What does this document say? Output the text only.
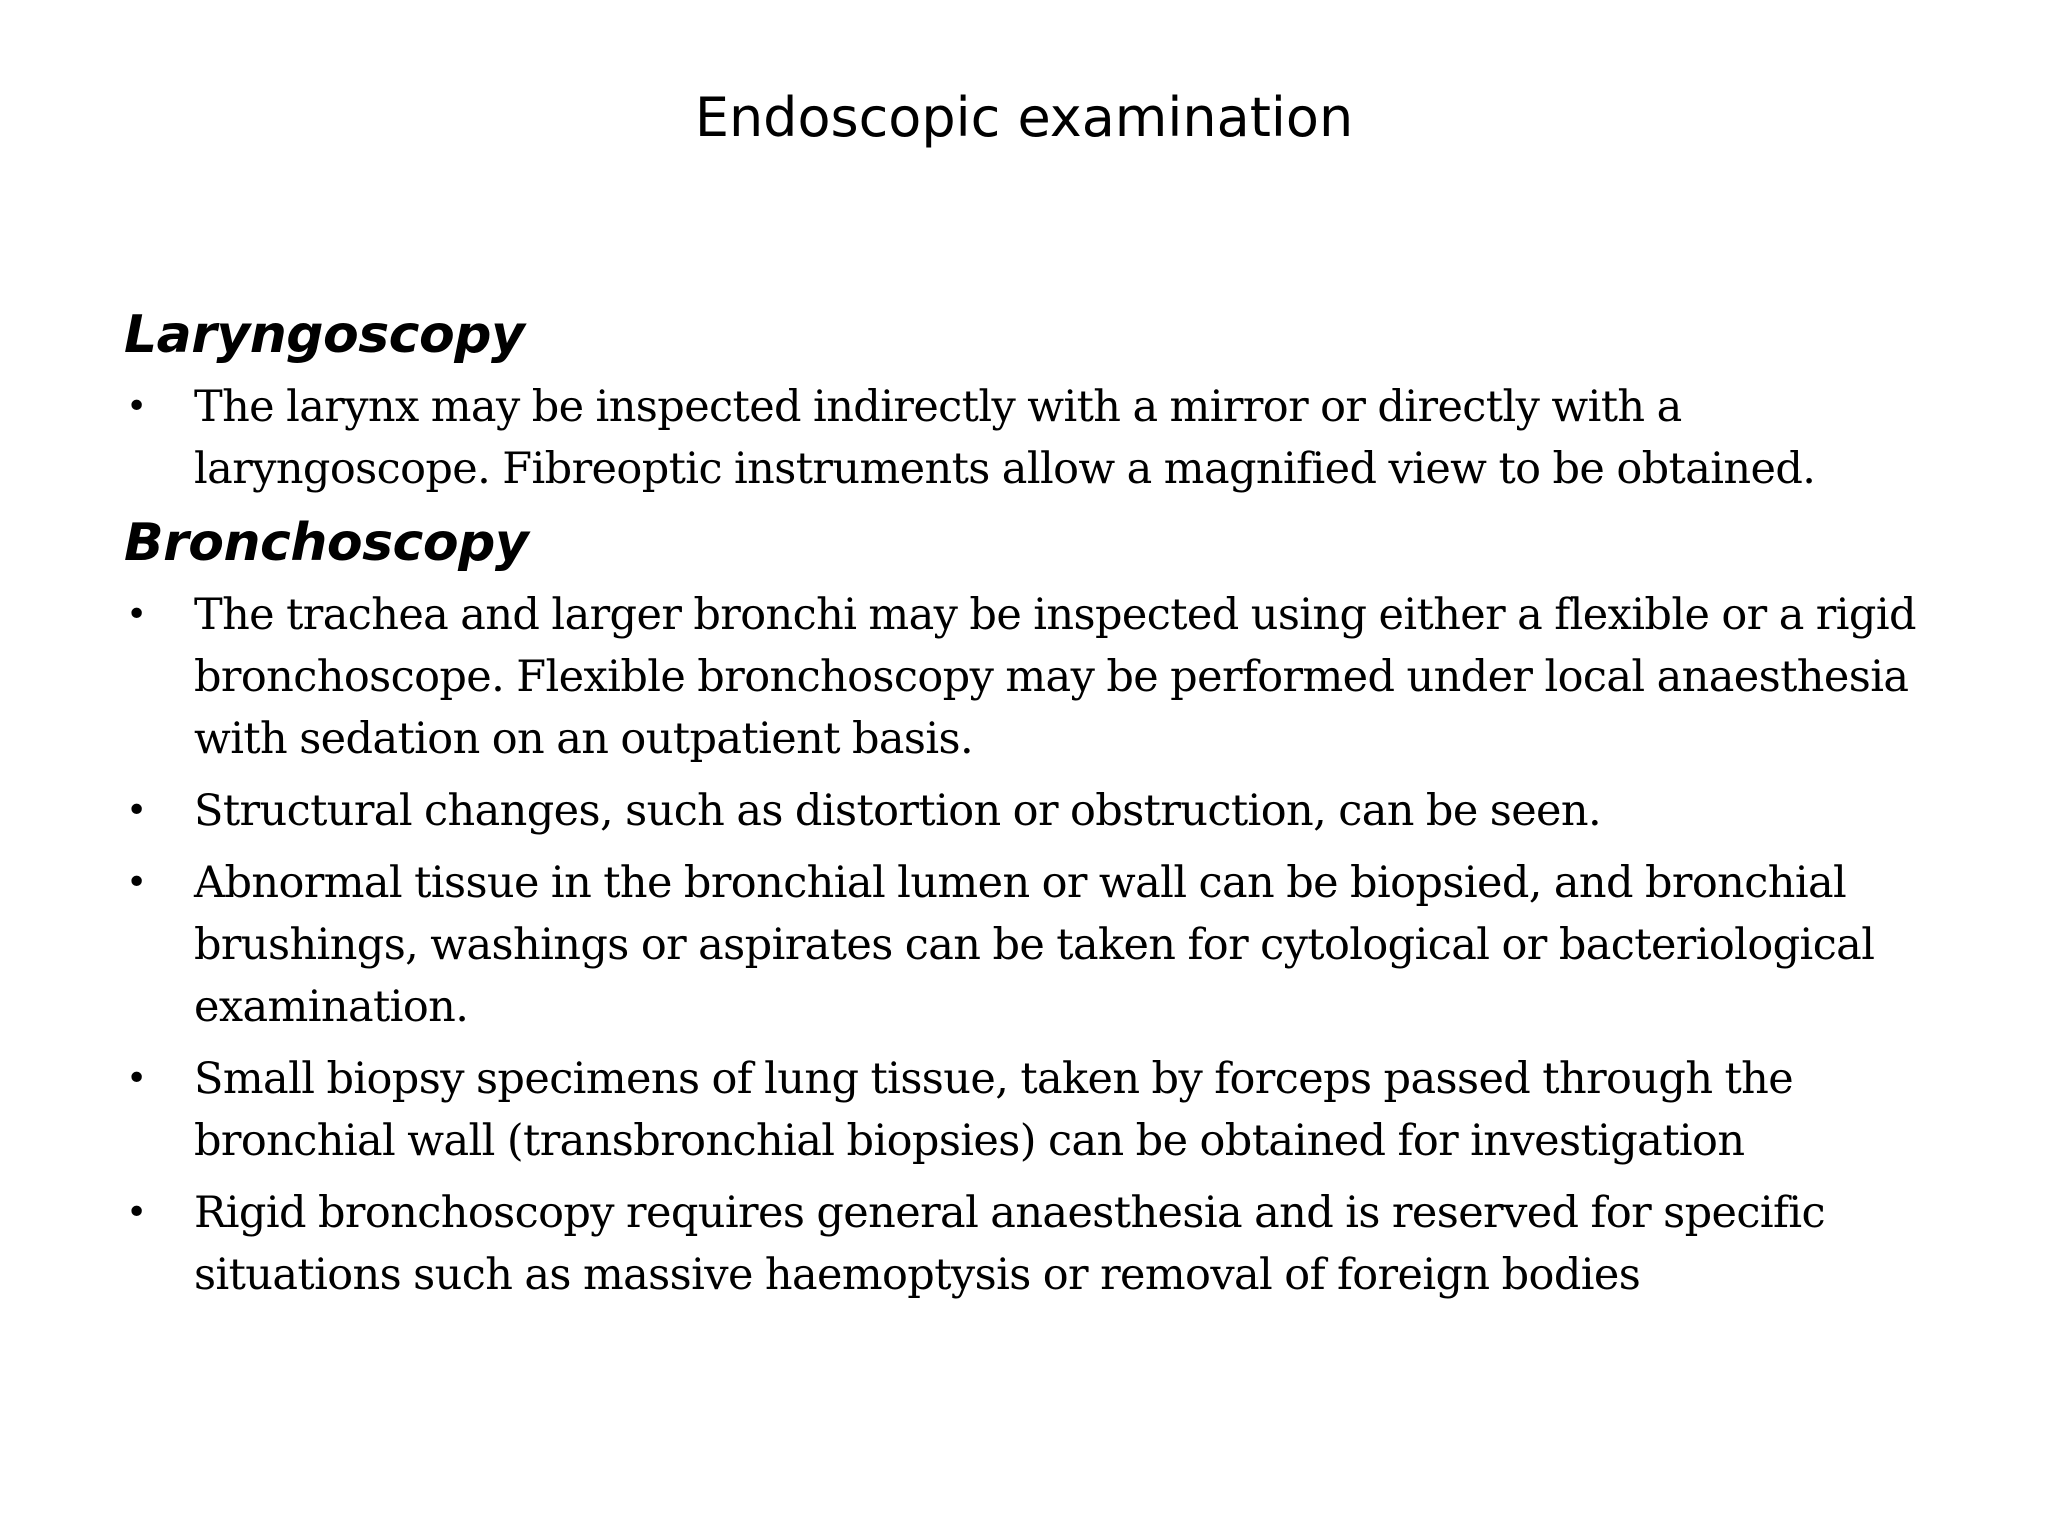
Endoscopic examination
Laryngoscopy
• The larynx may be inspected indirectly with a mirror or directly with a laryngoscope. Fibreoptic instruments allow a magnified view to be obtained.
Bronchoscopy
• The trachea and larger bronchi may be inspected using either a flexible or a rigid bronchoscope. Flexible bronchoscopy may be performed under local anaesthesia with sedation on an outpatient basis.
• Structural changes, such as distortion or obstruction, can be seen.
• Abnormal tissue in the bronchial lumen or wall can be biopsied, and bronchial brushings, washings or aspirates can be taken for cytological or bacteriological examination.
• Small biopsy specimens of lung tissue, taken by forceps passed through the bronchial wall (transbronchial biopsies) can be obtained for investigation
• Rigid bronchoscopy requires general anaesthesia and is reserved for specific situations such as massive haemoptysis or removal of foreign bodies
